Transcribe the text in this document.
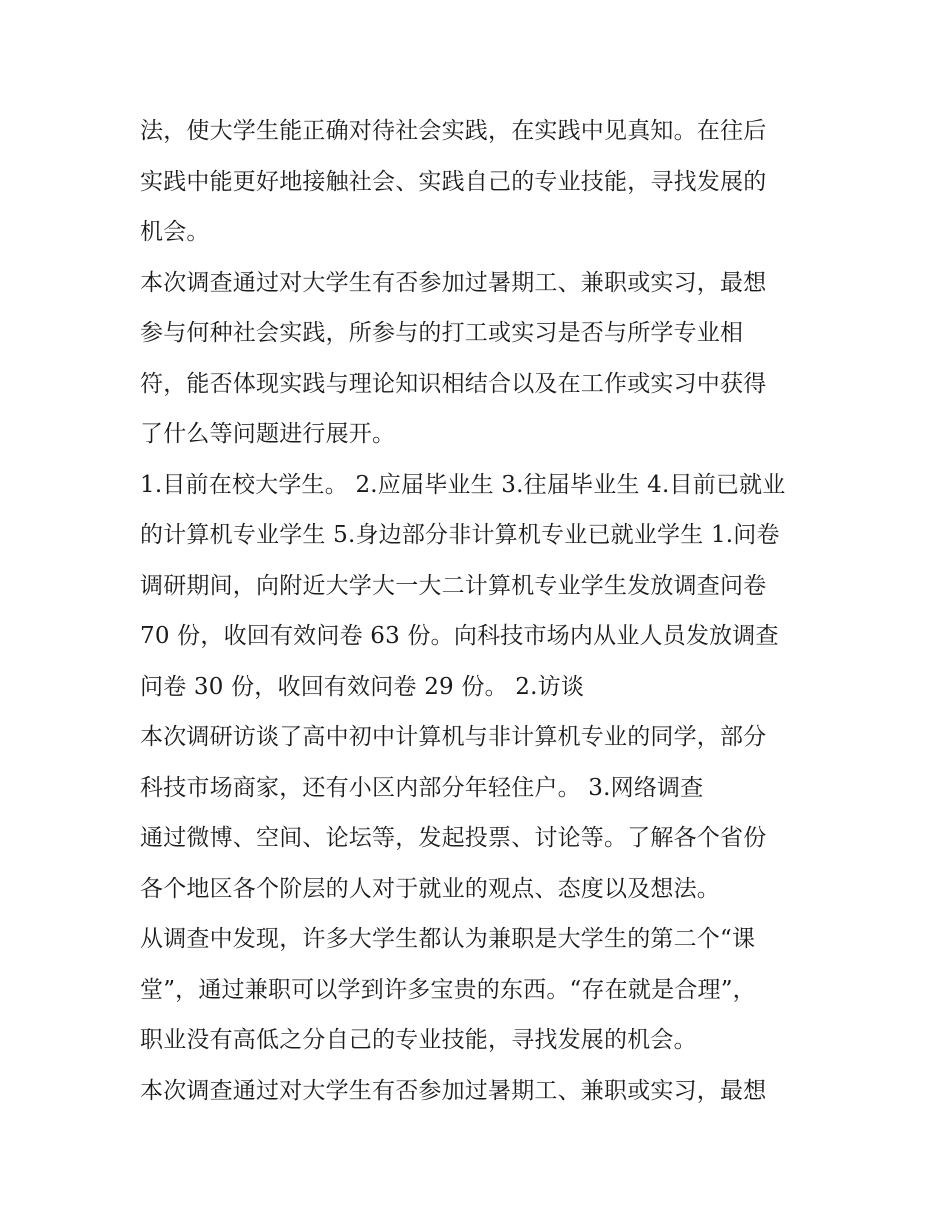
法，使大学生能正确对待社会实践，在实践中见真知。在往后
实践中能更好地接触社会、实践自己的专业技能，寻找发展的
机会。
本次调查通过对大学生有否参加过暑期工、兼职或实习，最想
参与何种社会实践，所参与的打工或实习是否与所学专业相
符，能否体现实践与理论知识相结合以及在工作或实习中获得
了什么等问题进行展开。
1.目前在校大学生。 2.应届毕业生 3.往届毕业生 4.目前已就业
的计算机专业学生 5.身边部分非计算机专业已就业学生 1.问卷
调研期间，向附近大学大一大二计算机专业学生发放调查问卷
70 份，收回有效问卷 63 份。向科技市场内从业人员发放调查
问卷 30 份，收回有效问卷 29 份。 2.访谈
本次调研访谈了高中初中计算机与非计算机专业的同学，部分
科技市场商家，还有小区内部分年轻住户。 3.网络调查
通过微博、空间、论坛等，发起投票、讨论等。了解各个省份
各个地区各个阶层的人对于就业的观点、态度以及想法。
从调查中发现，许多大学生都认为兼职是大学生的第二个“课
堂”，通过兼职可以学到许多宝贵的东西。“存在就是合理”，
职业没有高低之分自己的专业技能，寻找发展的机会。
本次调查通过对大学生有否参加过暑期工、兼职或实习，最想
